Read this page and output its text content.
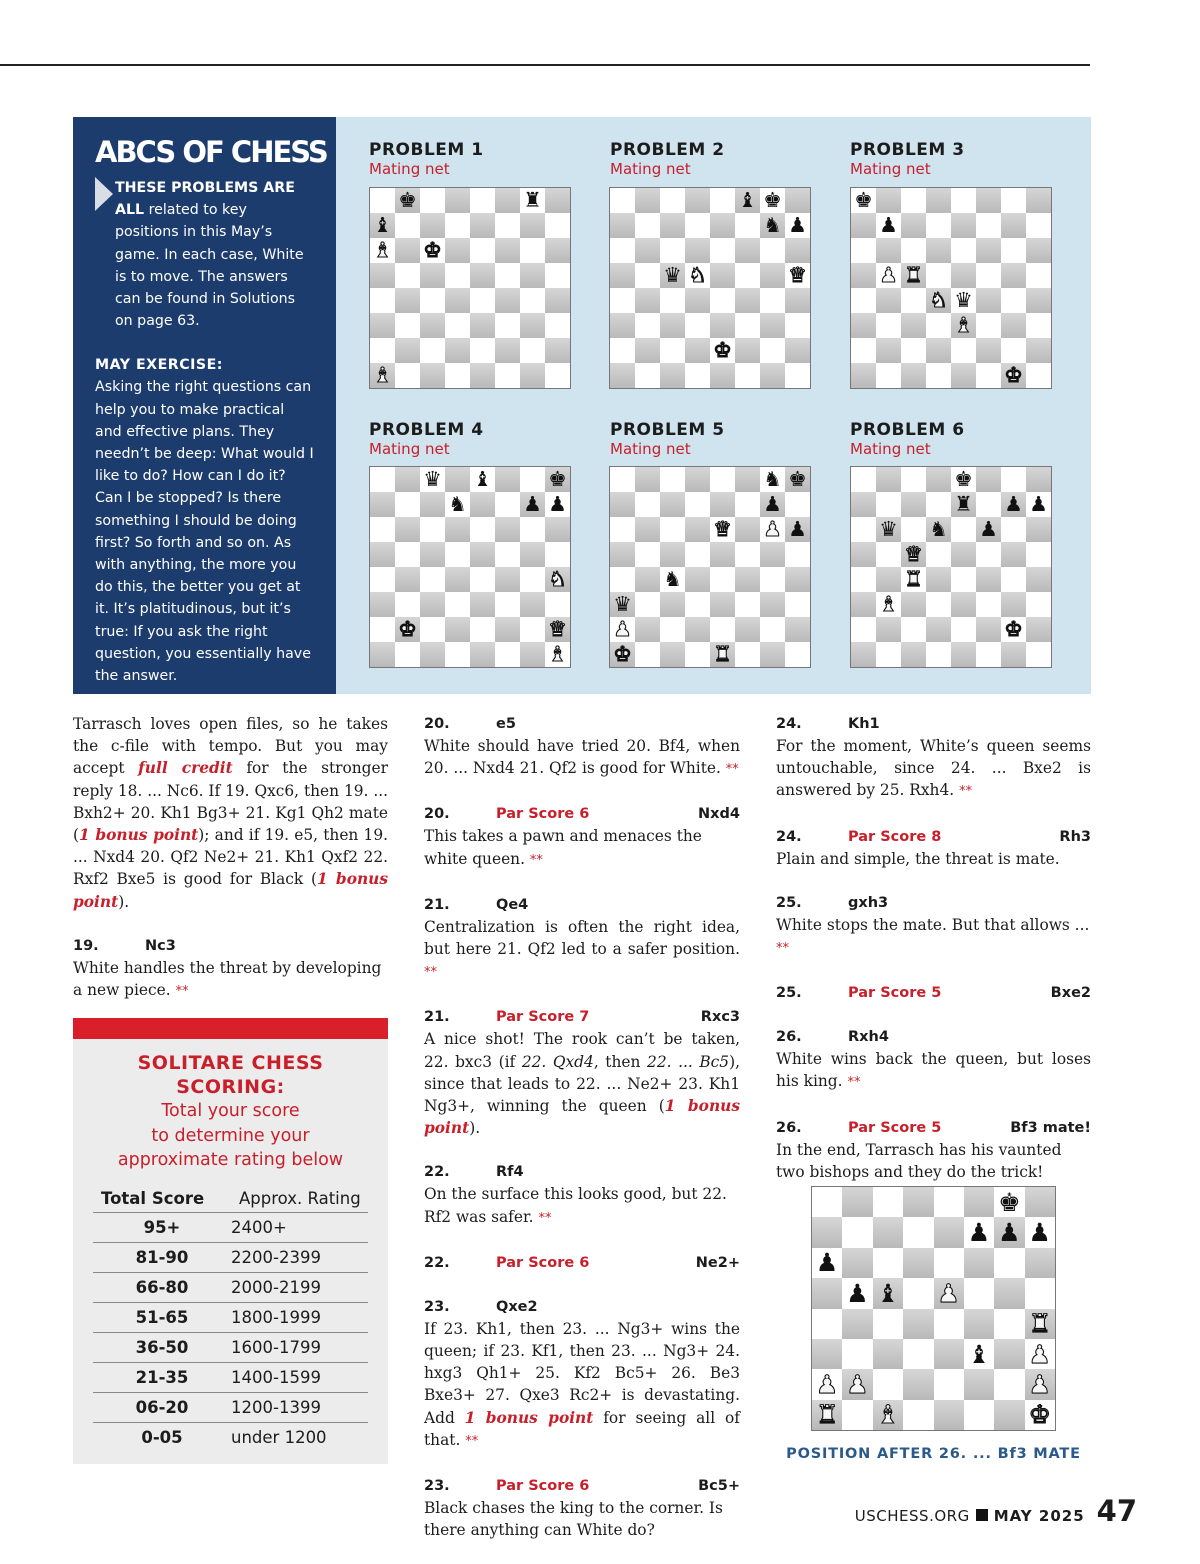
ABCS OF CHESS
THESE PROBLEMS ARE ALL related to key positions in this May’s game. In each case, White is to move. The answers can be found in Solutions on page 63.
MAY EXERCISE:
Asking the right questions can help you to make practical and effective plans. They needn’t be deep: What would I like to do? How can I do it? Can I be stopped? Is there something I should be doing first? So forth and so on. As with anything, the more you do this, the better you get at it. It’s platitudinous, but it’s true: If you ask the right question, you essentially have the answer.
PROBLEM 1
Mating net
PROBLEM 2
Mating net
PROBLEM 3
Mating net
PROBLEM 4
Mating net
PROBLEM 5
Mating net
PROBLEM 6
Mating net
♚	♜
♝
♝ ♚
♝
♝ ♚
♞ ♟
♛ ♞	♛
♚
♚
♟
♟ ♜
♞ ♛
♝
♚
♛ ♝	♚
♞	♟ ♟
♞
♚	♛
♝
♞ ♚
♟
♛ ♟ ♟
♞
♛
♟
♚	♜
♚
♜ ♟ ♟
♛ ♞ ♟
♛
♜
♝
♚

Tarrasch loves open files, so he takes the c-file with tempo. But you may accept full credit for the stronger reply 18. ... Nc6. If 19. Qxc6, then 19. ... Bxh2+ 20. Kh1 Bg3+ 21. Kg1 Qh2 mate (1 bonus point); and if 19. e5, then 19. ... Nxd4 20. Qf2 Ne2+ 21. Kh1 Qxf2 22. Rxf2 Bxe5 is good for Black (1 bonus point).

19.	Nc3

White handles the threat by developing a new piece. **

SOLITARE CHESS
SCORING:
Total your score
to determine your
approximate rating below
Total Score	Approx. Rating
95+	2400+
81-90	2200-2399
66-80	2000-2199
51-65	1800-1999
36-50	1600-1799
21-35	1400-1599
06-20	1200-1399
0-05	under 1200
20.	e5

White should have tried 20. Bf4, when 20. ... Nxd4 21. Qf2 is good for White. **

20.	Par Score 6	Nxd4

This takes a pawn and menaces the white queen. **

21.	Qe4

Centralization is often the right idea, but here 21. Qf2 led to a safer position. **

21.	Par Score 7	Rxc3

A nice shot! The rook can’t be taken, 22. bxc3 (if 22. Qxd4, then 22. ... Bc5), since that leads to 22. ... Ne2+ 23. Kh1 Ng3+, winning the queen (1 bonus point).

22.	Rf4

On the surface this looks good, but 22. Rf2 was safer. **

22.	Par Score 6	Ne2+
23.	Qxe2

If 23. Kh1, then 23. ... Ng3+ wins the queen; if 23. Kf1, then 23. ... Ng3+ 24. hxg3 Qh1+ 25. Kf2 Bc5+ 26. Be3 Bxe3+ 27. Qxe3 Rc2+ is devastating. Add 1 bonus point for seeing all of that. **

23.	Par Score 6	Bc5+

Black chases the king to the corner. Is there anything can White do?

24.	Kh1

For the moment, White’s queen seems untouchable, since 24. ... Bxe2 is answered by 25. Rxh4. **

24.	Par Score 8	Rh3

Plain and simple, the threat is mate.

25.	gxh3

White stops the mate. But that allows ... **

25.	Par Score 5	Bxe2
26.	Rxh4

White wins back the queen, but loses his king. **

26.	Par Score 5	Bf3 mate!

In the end, Tarrasch has his vaunted two bishops and they do the trick!

♚
♟ ♟ ♟
♟
♟ ♝ ♟
♜
♝ ♟
♟ ♟	♟
♜ ♝	♚
POSITION AFTER 26. ... Bf3 MATE
USCHESS.ORG MAY 2025 47
